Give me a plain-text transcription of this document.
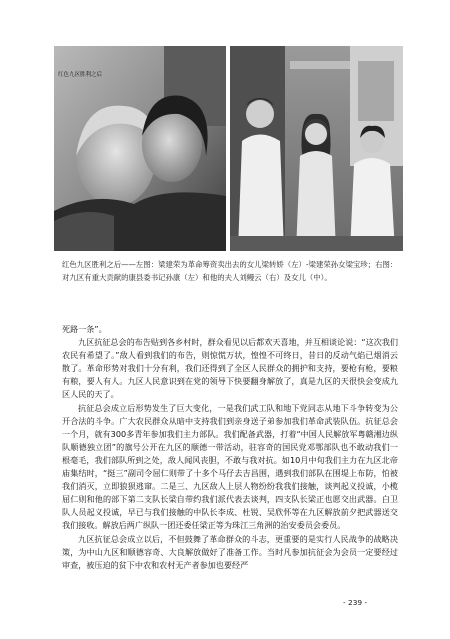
红色九区胜利之后
红色九区胜利之后——左图：梁建荣为革命筹资卖出去的女儿梁转娇（左）-梁建荣孙女梁宝珍；右图：对九区有重大贡献的康县委书记孙康（左）和他的夫人刘鳗云（右）及女儿（中）。

死路一条”。

九区抗征总会的布告贴到各乡村时，群众看见以后都欢天喜地，并互相谈论说：“这次我们农民有希望了。”敌人看到我们的布告，则惊慌万状，惶惶不可终日，昔日的反动气焰已烟消云散了。革命形势对我们十分有利，我们还得到了全区人民群众的拥护和支持，要枪有枪，要粮有粮，要人有人。九区人民意识到在党的领导下快要翻身解放了，真是九区的天很快会变成九区人民的天了。

抗征总会成立后形势发生了巨大变化，一是我们武工队和地下党同志从地下斗争转变为公开合法的斗争。广大农民群众从暗中支持我们到亲身送子弟参加我们革命武装队伍。抗征总会一个月，就有300多青年参加我们主力部队。我们配备武器，打着“中国人民解放军粤赣湘边纵队顺德独立团”的旗号公开在九区的顺德一带活动，驻容奇的国民党邓鄂部队也不敢动我们一根毫毛，我们部队所到之处，敌人闻风丧胆，不敢与我对抗。如10月中旬我们主力在九区北帝庙集结时，“挺三”副司令屈仁则带了十多个马仔去吉昌围，遇到我们部队在围堤上布防，怕被我们消灭，立即狼狈逃窜。二是三、九区敌人上层人物纷纷我我们接触，谈判起义投诚，小榄屈仁则和他的部下第二支队长梁自带约我们派代表去谈判，四支队长梁正也愿交出武器。白卫队人员起义投诚，早已与我们接触的中队长李成、杜锐、吴欣怀等在九区解放前夕把武器送交我们接收。解放后两广纵队一团还委任梁正等为珠江三角洲的治安委员会委员。

九区抗征总会成立以后，不但鼓舞了革命群众的斗志，更重要的是实行人民战争的战略决策，为中山九区和顺德容奇、大良解放做好了准备工作。当时凡参加抗征会为会员一定要经过审查，被压迫的贫下中农和农村无产者参加也要经严

- 239 -
